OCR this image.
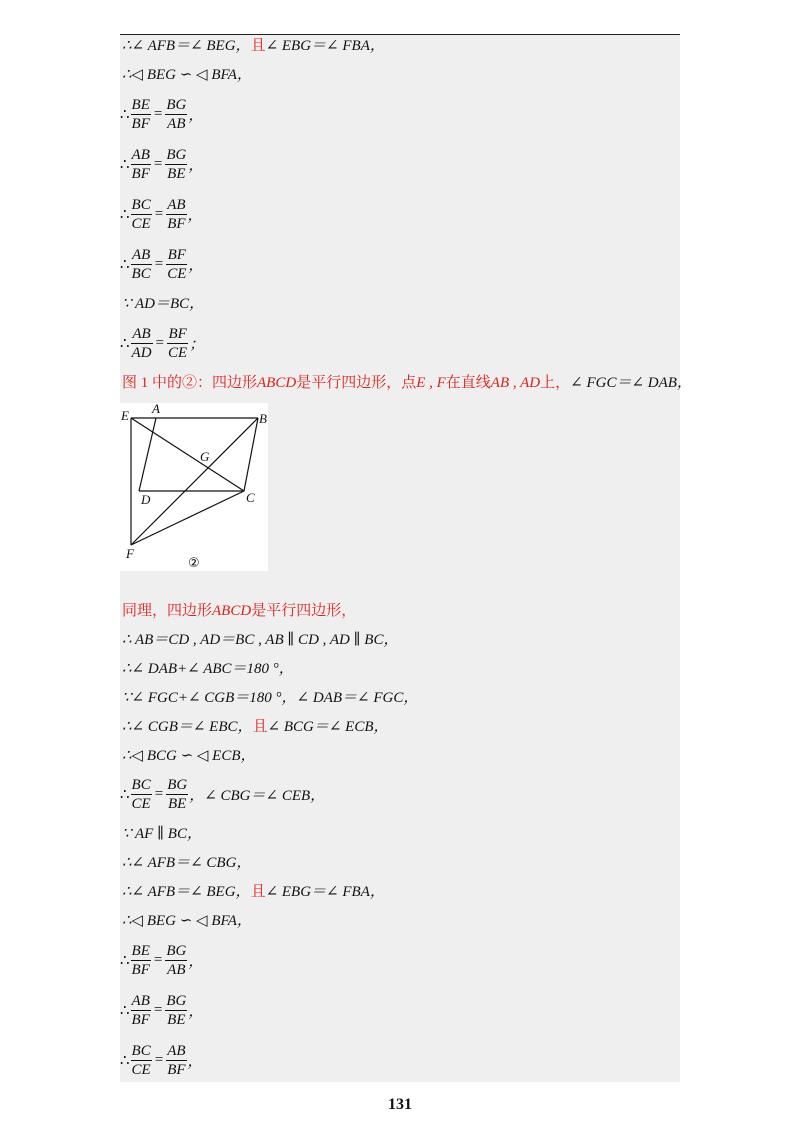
∴∠ AFB＝∠ BEG，且∠ EBG＝∠ FBA，
∴◁ BEG ∽ ◁ BFA，
∴ $\frac{BE}{BF} = \frac{BG}{AB}$ ，
∴ $\frac{AB}{BF} = \frac{BG}{BE}$ ，
∴ $\frac{BC}{CE} = \frac{AB}{BF}$ ，
∴ $\frac{AB}{BC} = \frac{BF}{CE}$ ，
∵ AD＝BC，
∴ $\frac{AB}{AD} = \frac{BF}{CE}$ ；
图 1 中的②：四边形ABCD是平行四边形，点E , F在直线AB , AD上，∠ FGC＝∠ DAB，
E A
B
G
D	C
F
②
同理，四边形ABCD是平行四边形，
∴ AB＝CD , AD＝BC , AB ∥ CD , AD ∥ BC，
∴∠ DAB+∠ ABC＝180 °，
∵∠ FGC+∠ CGB＝180 °，∠ DAB＝∠ FGC，
∴∠ CGB＝∠ EBC，且∠ BCG＝∠ ECB，
∴◁ BCG ∽ ◁ ECB，
∴ $\frac{BC}{CE} = \frac{BG}{BE}$ ，∠ CBG＝∠ CEB，
∵ AF ∥ BC，
∴∠ AFB＝∠ CBG，
∴∠ AFB＝∠ BEG，且∠ EBG＝∠ FBA，
∴◁ BEG ∽ ◁ BFA，
∴ $\frac{BE}{BF} = \frac{BG}{AB}$ ，
∴ $\frac{AB}{BF} = \frac{BG}{BE}$ ，
∴ $\frac{BC}{CE} = \frac{AB}{BF}$ ，
131
